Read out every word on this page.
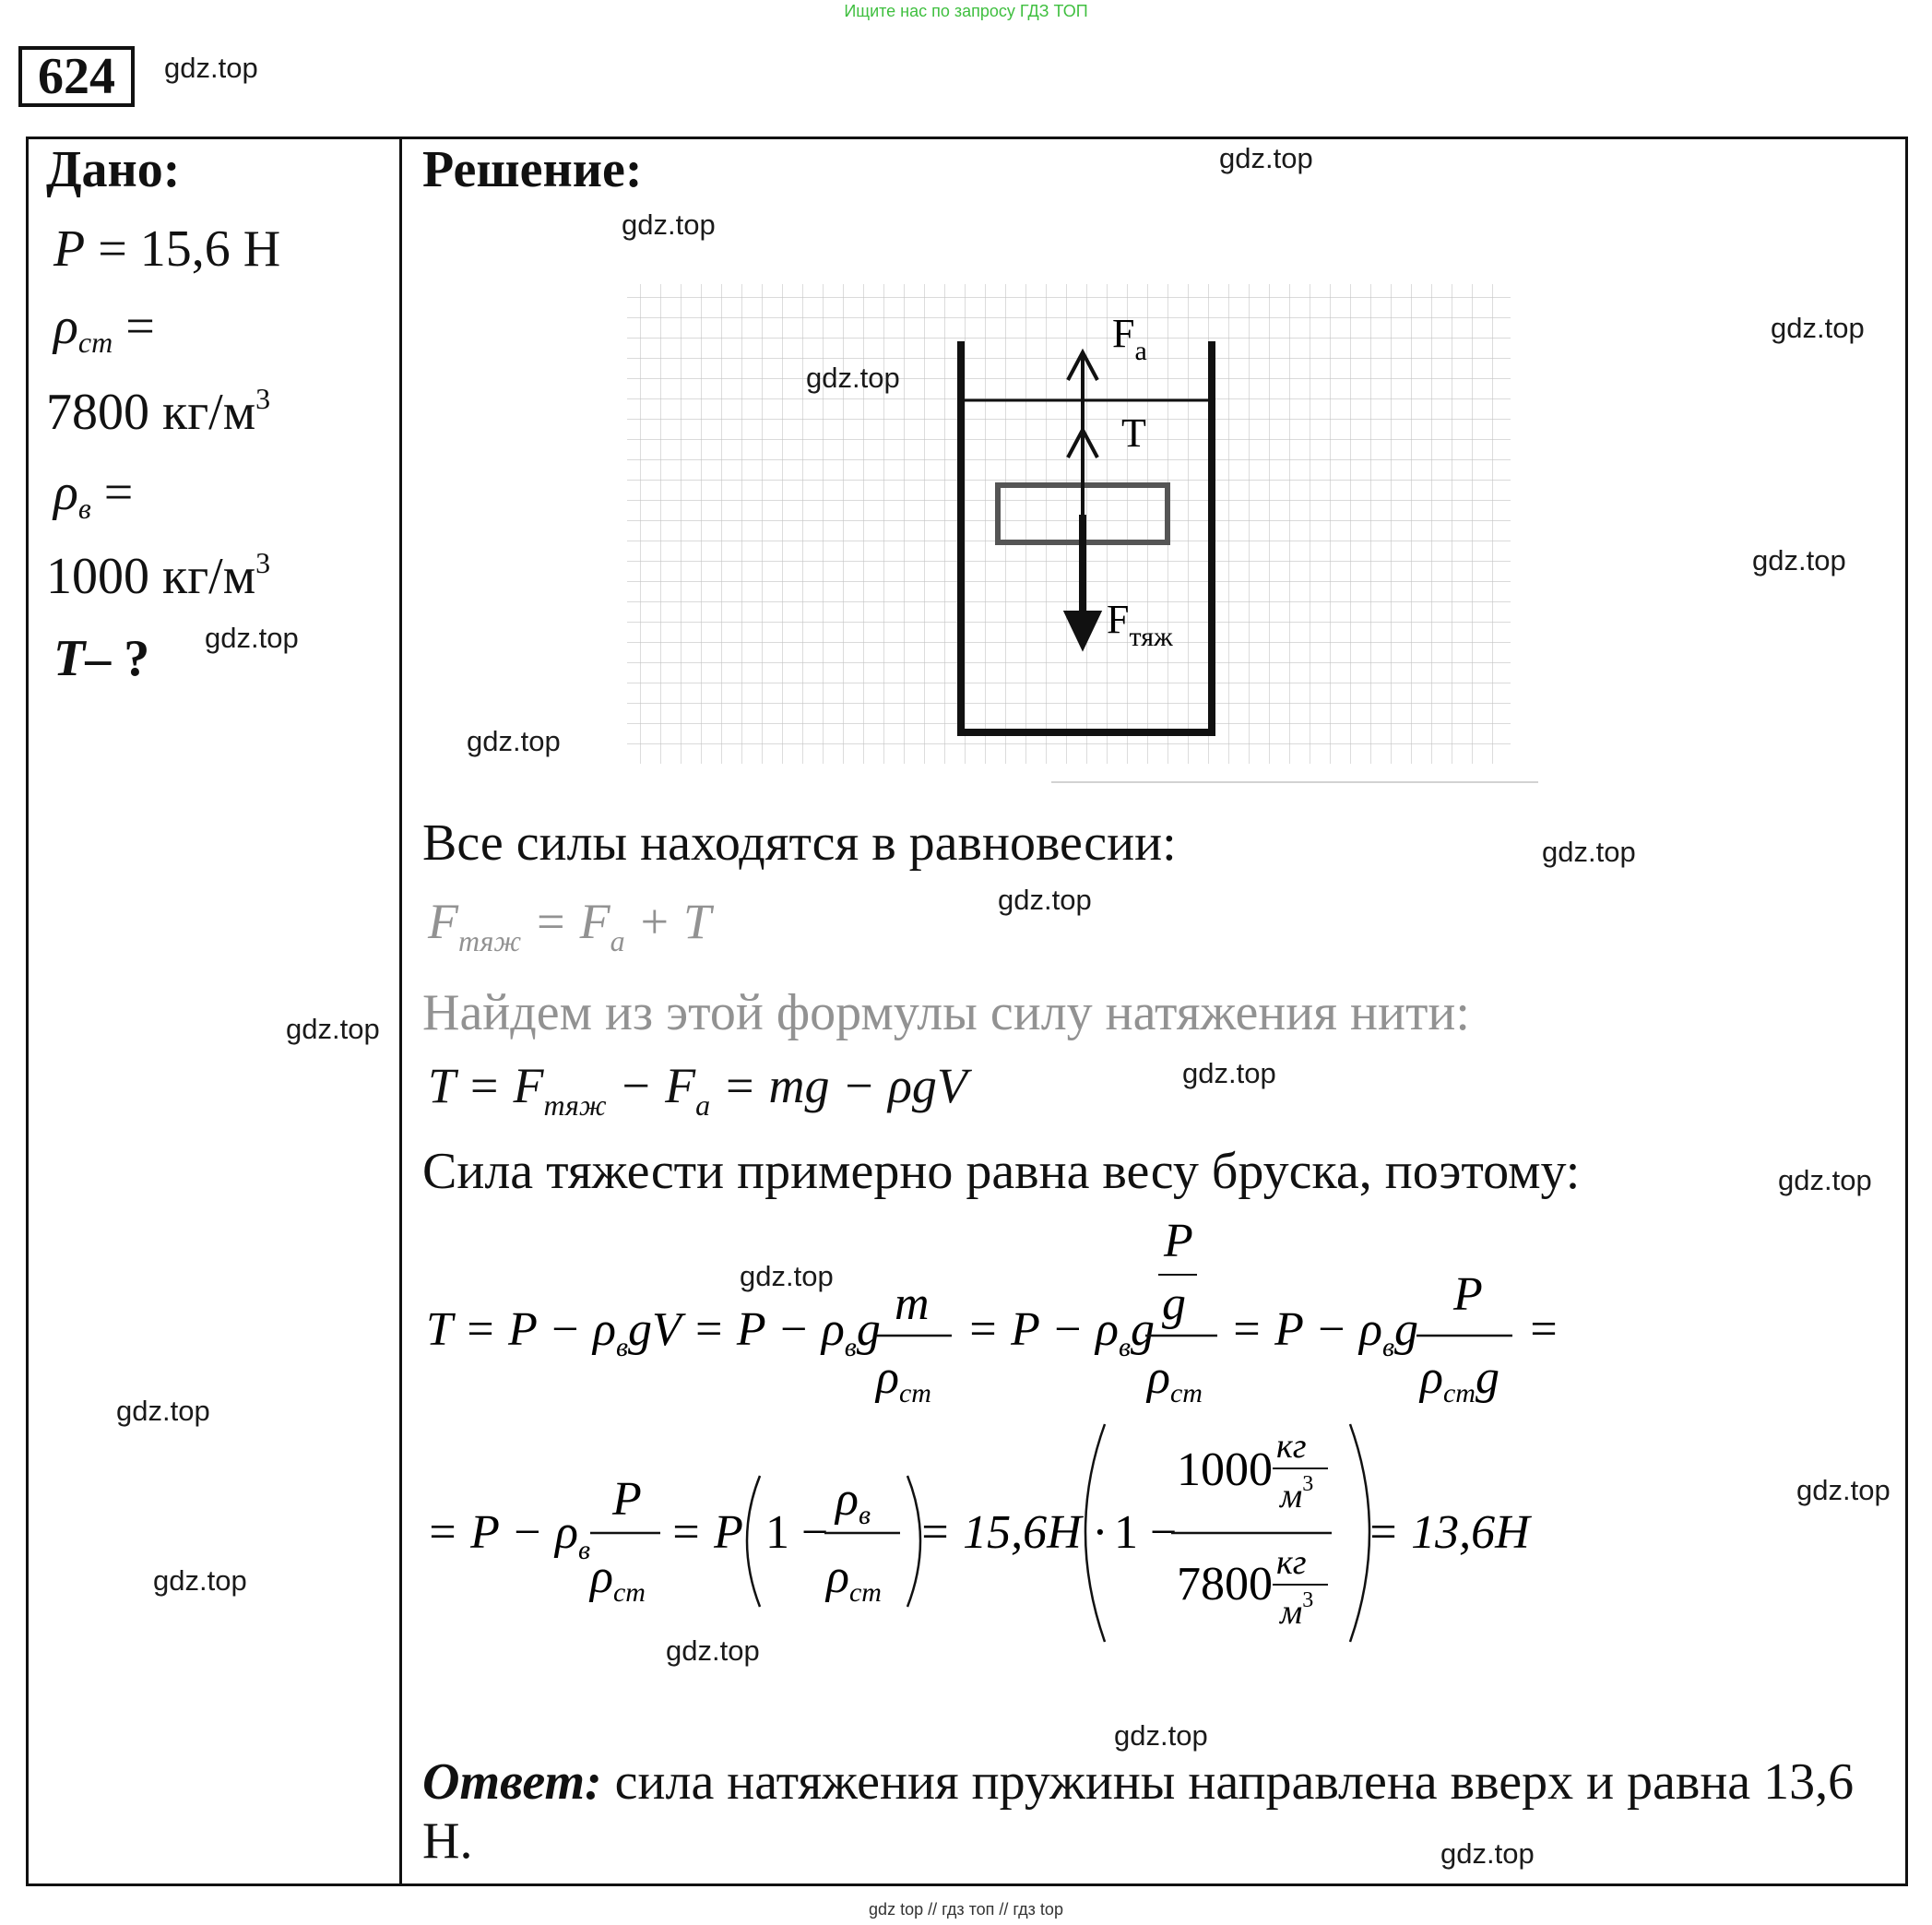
Ищите нас по запросу ГДЗ ТОП
624	gdz.top
Дано:
P = 15,6 Н
$\rho_{ст}$ =
7800 $кг/м^3$
$\rho_в$ =
1000 $кг/м^3$
T– ?
Решение:
$F_a$
T
$F_{тяж}$
Все силы находятся в равновесии:
$F_{тяж} = F_a + T$
Найдем из этой формулы силу натяжения нити:
$T = F_{тяж} - F_a$ = mg − ρgV
Сила тяжести примерно равна весу бруска, поэтому:
$T = P - \rho_вgV = P - \rho_вg$ m
ρст
= $P - \rho_вg$
P
g
ρст
= $P - \rho_вg$
P
ρстg
=
= $P - \rho_в$
P
ρст
= P 1 −
ρв
ρст
= 15,6H · 1 −
1000 кг
$м^3$
7800 кг
$м^3$
= 13,6H
Ответ: сила натяжения пружины направлена вверх и равна 13,6 Н.
gdz.top
gdz.top
gdz.top
gdz.top
gdz.top
gdz.top
gdz.top
gdz.top
gdz.top
gdz.top
gdz.top
gdz.top
gdz.top
gdz.top
gdz.top
gdz.top
gdz.top
gdz.top
gdz.top
gdz top // гдз топ // гдз top
